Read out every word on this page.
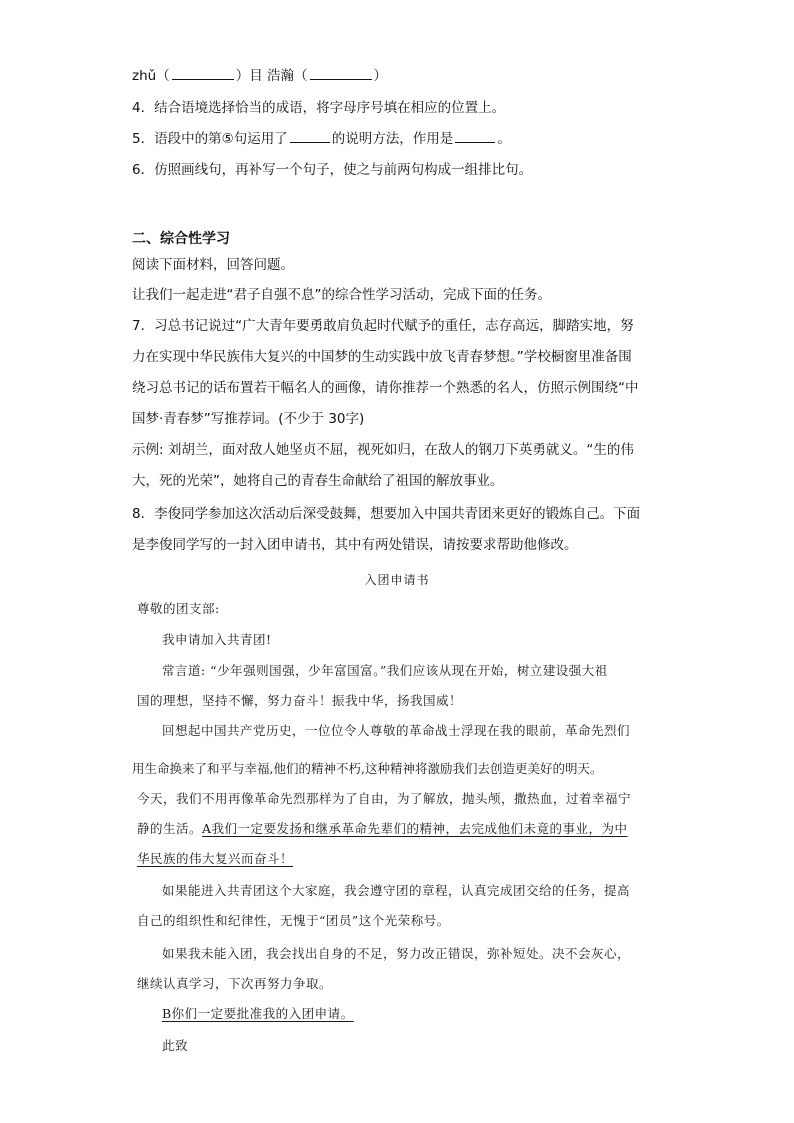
zhǔ（	）目 浩瀚（	）
4．结合语境选择恰当的成语，将字母序号填在相应的位置上。
5．语段中的第⑤句运用了	的说明方法，作用是	。
6．仿照画线句，再补写一个句子，使之与前两句构成一组排比句。
二、综合性学习
阅读下面材料，回答问题。
让我们一起走进“君子自强不息”的综合性学习活动，完成下面的任务。
7．习总书记说过“广大青年要勇敢肩负起时代赋予的重任，志存高远，脚踏实地，努
力在实现中华民族伟大复兴的中国梦的生动实践中放飞青春梦想。”学校橱窗里准备围
绕习总书记的话布置若干幅名人的画像，请你推荐一个熟悉的名人，仿照示例围绕“中
国梦·青春梦”写推荐词。(不少于 30字)
示例: 刘胡兰，面对敌人她坚贞不屈，视死如归，在敌人的钢刀下英勇就义。“生的伟
大，死的光荣”，她将自己的青春生命献给了祖国的解放事业。
8．李俊同学参加这次活动后深受鼓舞，想要加入中国共青团来更好的锻炼自己。下面
是李俊同学写的一封入团申请书，其中有两处错误，请按要求帮助他修改。
入团申请书
尊敬的团支部:
我申请加入共青团!
常言道: “少年强则国强，少年富国富。”我们应该从现在开始，树立建设强大祖
国的理想，坚持不懈，努力奋斗！振我中华，扬我国威！
回想起中国共产党历史，一位位令人尊敬的革命战士浮现在我的眼前，革命先烈们
用生命换来了和平与幸福,他们的精神不朽,这种精神将激励我们去创造更美好的明天。
今天，我们不用再像革命先烈那样为了自由，为了解放，抛头颅，撒热血，过着幸福宁
静的生活。A我们一定要发扬和继承革命先辈们的精神，去完成他们未竟的事业，为中
华民族的伟大复兴而奋斗！
如果能进入共青团这个大家庭，我会遵守团的章程，认真完成团交给的任务，提高
自己的组织性和纪律性，无愧于“团员”这个光荣称号。
如果我未能入团，我会找出自身的不足，努力改正错误，弥补短处。决不会灰心，
继续认真学习，下次再努力争取。
B你们一定要批准我的入团申请。
此致
